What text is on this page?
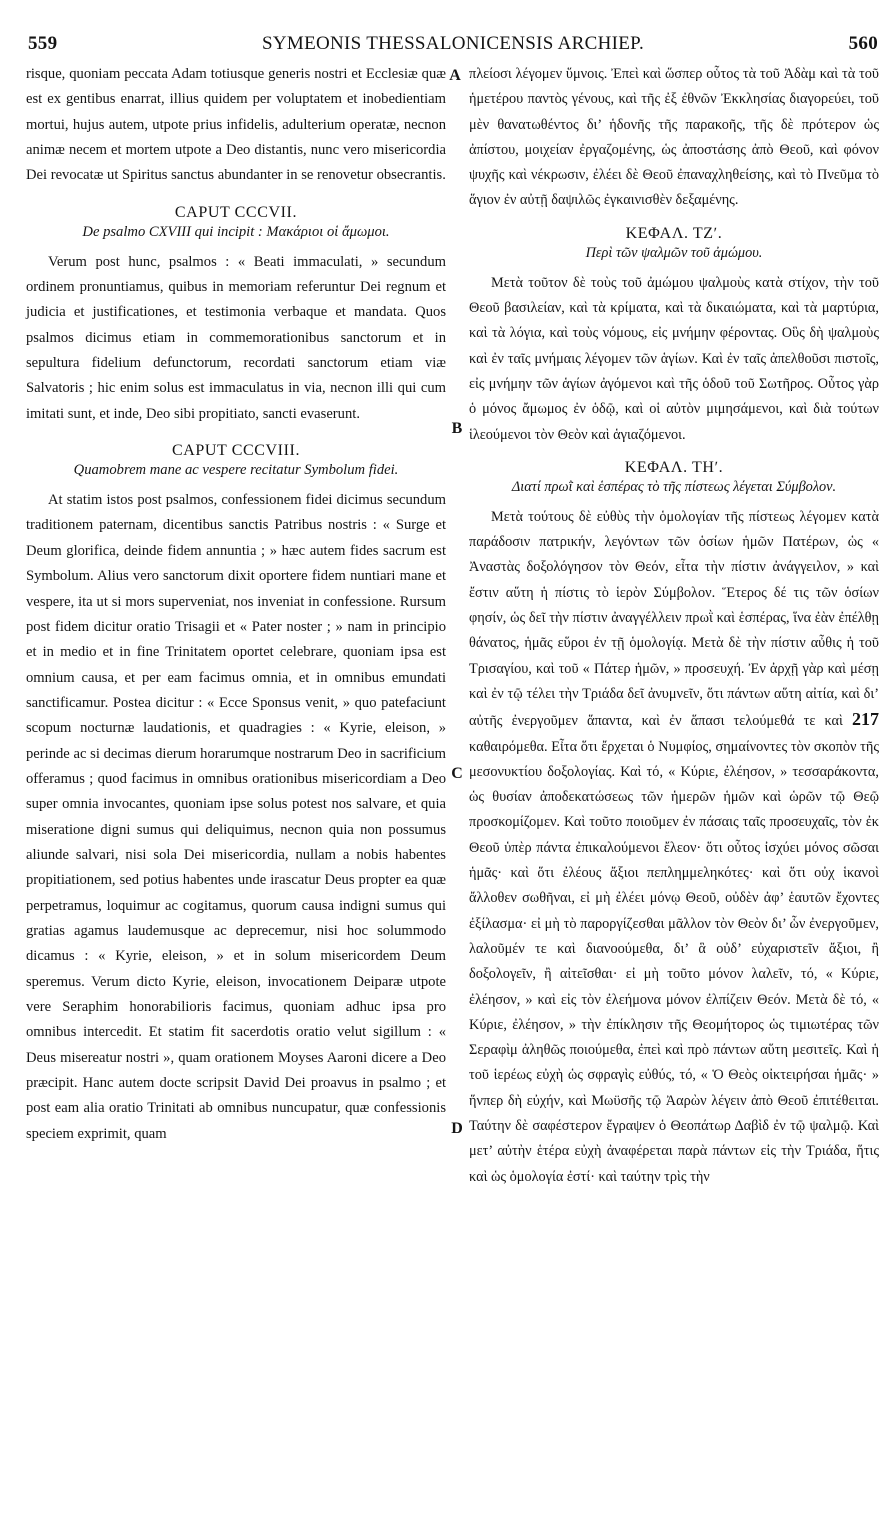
559	SYMEONIS THESSALONICENSIS ARCHIEP.	560
A
B
C
D

risque, quoniam peccata Adam totiusque generis nostri et Ecclesiæ quæ est ex gentibus enarrat, illius quidem per voluptatem et inobedientiam mortui, hujus autem, utpote prius infidelis, adulterium operatæ, necnon animæ necem et mortem utpote a Deo distantis, nunc vero misericordia Dei revocatæ ut Spiritus sanctus abundanter in se renovetur obsecrantis.

CAPUT CCCVII.
De psalmo CXVIII qui incipit : Μακάριοι οἱ ἄμωμοι.

Verum post hunc, psalmos : « Beati immaculati, » secundum ordinem pronuntiamus, quibus in memoriam referuntur Dei regnum et judicia et justificationes, et testimonia verbaque et mandata. Quos psalmos dicimus etiam in commemorationibus sanctorum et in sepultura fidelium defunctorum, recordati sanctorum etiam viæ Salvatoris ; hic enim solus est immaculatus in via, necnon illi qui cum imitati sunt, et inde, Deo sibi propitiato, sancti evaserunt.

CAPUT CCCVIII.
Quamobrem mane ac vespere recitatur Symbolum fidei.

At statim istos post psalmos, confessionem fidei dicimus secundum traditionem paternam, dicentibus sanctis Patribus nostris : « Surge et Deum glorifica, deinde fidem annuntia ; » hæc autem fides sacrum est Symbolum. Alius vero sanctorum dixit oportere fidem nuntiari mane et vespere, ita ut si mors superveniat, nos inveniat in confessione. Rursum post fidem dicitur oratio Trisagii et « Pater noster ; » nam in principio et in medio et in fine Trinitatem oportet celebrare, quoniam ipsa est omnium causa, et per eam facimus omnia, et in omnibus emundati sanctificamur. Postea dicitur : « Ecce Sponsus venit, » quo patefaciunt scopum nocturnæ laudationis, et quadragies : « Kyrie, eleison, » perinde ac si decimas dierum horarumque nostrarum Deo in sacrificium offeramus ; quod facimus in omnibus orationibus misericordiam a Deo super omnia invocantes, quoniam ipse solus potest nos salvare, et quia miseratione digni sumus qui deliquimus, necnon quia non possumus aliunde salvari, nisi sola Dei misericordia, nullam a nobis habentes propitiationem, sed potius habentes unde irascatur Deus propter ea quæ perpetramus, loquimur ac cogitamus, quorum causa indigni sumus qui gratias agamus laudemusque ac deprecemur, nisi hoc solummodo dicamus : « Kyrie, eleison, » et in solum misericordem Deum speremus. Verum dicto Kyrie, eleison, invocationem Deiparæ utpote vere Seraphim honorabilioris facimus, quoniam adhuc ipsa pro omnibus intercedit. Et statim fit sacerdotis oratio velut sigillum : « Deus misereatur nostri », quam orationem Moyses Aaroni dicere a Deo præcipit. Hanc autem docte scripsit David Dei proavus in psalmo ; et post eam alia oratio Trinitati ab omnibus nuncupatur, quæ confessionis speciem exprimit, quam

πλείοσι λέγομεν ὕμνοις. Ἐπεὶ καὶ ὥσπερ οὗτος τὰ τοῦ Ἀδὰμ καὶ τὰ τοῦ ἡμετέρου παντὸς γένους, καὶ τῆς ἐξ ἐθνῶν Ἐκκλησίας διαγορεύει, τοῦ μὲν θανατωθέντος δι’ ἡδονῆς τῆς παρακοῆς, τῆς δὲ πρότερον ὡς ἀπίστου, μοιχείαν ἐργαζομένης, ὡς ἀποστάσης ἀπὸ Θεοῦ, καὶ φόνον ψυχῆς καὶ νέκρωσιν, ἐλέει δὲ Θεοῦ ἐπαναχληθείσης, καὶ τὸ Πνεῦμα τὸ ἅγιον ἐν αὐτῇ δαψιλῶς ἐγκαινισθὲν δεξαμένης.

ΚΕΦΑΛ. ΤΖʹ.
Περὶ τῶν ψαλμῶν τοῦ ἀμώμου.

Μετὰ τοῦτον δὲ τοὺς τοῦ ἀμώμου ψαλμοὺς κατὰ στίχον, τὴν τοῦ Θεοῦ βασιλείαν, καὶ τὰ κρίματα, καὶ τὰ δικαιώματα, καὶ τὰ μαρτύρια, καὶ τὰ λόγια, καὶ τοὺς νόμους, εἰς μνήμην φέροντας. Οὓς δὴ ψαλμοὺς καὶ ἐν ταῖς μνήμαις λέγομεν τῶν ἁγίων. Καὶ ἐν ταῖς ἀπελθοῦσι πιστοῖς, εἰς μνήμην τῶν ἁγίων ἀγόμενοι καὶ τῆς ὁδοῦ τοῦ Σωτῆρος. Οὗτος γὰρ ὁ μόνος ἄμωμος ἐν ὁδῷ, καὶ οἱ αὐτὸν μιμησάμενοι, καὶ διὰ τούτων ἱλεούμενοι τὸν Θεὸν καὶ ἁγιαζόμενοι.

ΚΕΦΑΛ. ΤΗʹ.
Διατί πρωῒ καὶ ἑσπέρας τὸ τῆς πίστεως λέγεται Σύμβολον.

Μετὰ τούτους δὲ εὐθὺς τὴν ὁμολογίαν τῆς πίστεως λέγομεν κατὰ παράδοσιν πατρικήν, λεγόντων τῶν ὁσίων ἡμῶν Πατέρων, ὡς « Ἀναστὰς δοξολόγησον τὸν Θεόν, εἶτα τὴν πίστιν ἀνάγγειλον, » καὶ ἔστιν αὕτη ἡ πίστις τὸ ἱερὸν Σύμβολον. Ἕτερος δέ τις τῶν ὁσίων φησίν, ὡς δεῖ τὴν πίστιν ἀναγγέλλειν πρωῒ καὶ ἑσπέρας, ἵνα ἐὰν ἐπέλθῃ θάνατος, ἡμᾶς εὕροι ἐν τῇ ὁμολογίᾳ. Μετὰ δὲ τὴν πίστιν αὖθις ἡ τοῦ Τρισαγίου, καὶ τοῦ « Πάτερ ἡμῶν, » προσευχή. Ἐν ἀρχῇ γὰρ καὶ μέσῃ καὶ ἐν τῷ τέλει τὴν Τριάδα δεῖ ἀνυμνεῖν, ὅτι πάντων αὕτη αἰτία, καὶ δι’ αὐτῆς ἐνεργοῦμεν ἅπαντα, καὶ ἐν ἅπασι τελούμεθά τε καὶ 217 καθαιρόμεθα. Εἶτα ὅτι ἔρχεται ὁ Νυμφίος, σημαίνοντες τὸν σκοπὸν τῆς μεσονυκτίου δοξολογίας. Καὶ τό, « Κύριε, ἐλέησον, » τεσσαράκοντα, ὡς θυσίαν ἀποδεκατώσεως τῶν ἡμερῶν ἡμῶν καὶ ὡρῶν τῷ Θεῷ προσκομίζομεν. Καὶ τοῦτο ποιοῦμεν ἐν πάσαις ταῖς προσευχαῖς, τὸν ἐκ Θεοῦ ὑπὲρ πάντα ἐπικαλούμενοι ἔλεον· ὅτι οὗτος ἰσχύει μόνος σῶσαι ἡμᾶς· καὶ ὅτι ἐλέους ἄξιοι πεπλημμεληκότες· καὶ ὅτι οὐχ ἱκανοὶ ἄλλοθεν σωθῆναι, εἰ μὴ ἐλέει μόνῳ Θεοῦ, οὐδὲν ἀφ’ ἑαυτῶν ἔχοντες ἐξίλασμα· εἰ μὴ τὸ παροργίζεσθαι μᾶλλον τὸν Θεὸν δι’ ὧν ἐνεργοῦμεν, λαλοῦμέν τε καὶ διανοούμεθα, δι’ ἃ οὐδ’ εὐχαριστεῖν ἄξιοι, ἢ δοξολογεῖν, ἢ αἰτεῖσθαι· εἰ μὴ τοῦτο μόνον λαλεῖν, τό, « Κύριε, ἐλέησον, » καὶ εἰς τὸν ἐλεήμονα μόνον ἐλπίζειν Θεόν. Μετὰ δὲ τό, « Κύριε, ἐλέησον, » τὴν ἐπίκλησιν τῆς Θεομήτορος ὡς τιμιωτέρας τῶν Σεραφὶμ ἀληθῶς ποιούμεθα, ἐπεὶ καὶ πρὸ πάντων αὕτη μεσιτεῖς. Καὶ ἡ τοῦ ἱερέως εὐχὴ ὡς σφραγὶς εὐθύς, τό, « Ὁ Θεὸς οἰκτειρήσαι ἡμᾶς· » ἥνπερ δὴ εὐχήν, καὶ Μωϋσῆς τῷ Ἀαρὼν λέγειν ἀπὸ Θεοῦ ἐπιτέθειται. Ταύτην δὲ σαφέστερον ἔγραψεν ὁ Θεοπάτωρ Δαβὶδ ἐν τῷ ψαλμῷ. Καὶ μετ’ αὐτὴν ἑτέρα εὐχὴ ἀναφέρεται παρὰ πάντων εἰς τὴν Τριάδα, ἥτις καὶ ὡς ὁμολογία ἐστί· καὶ ταύτην τρὶς τὴν
